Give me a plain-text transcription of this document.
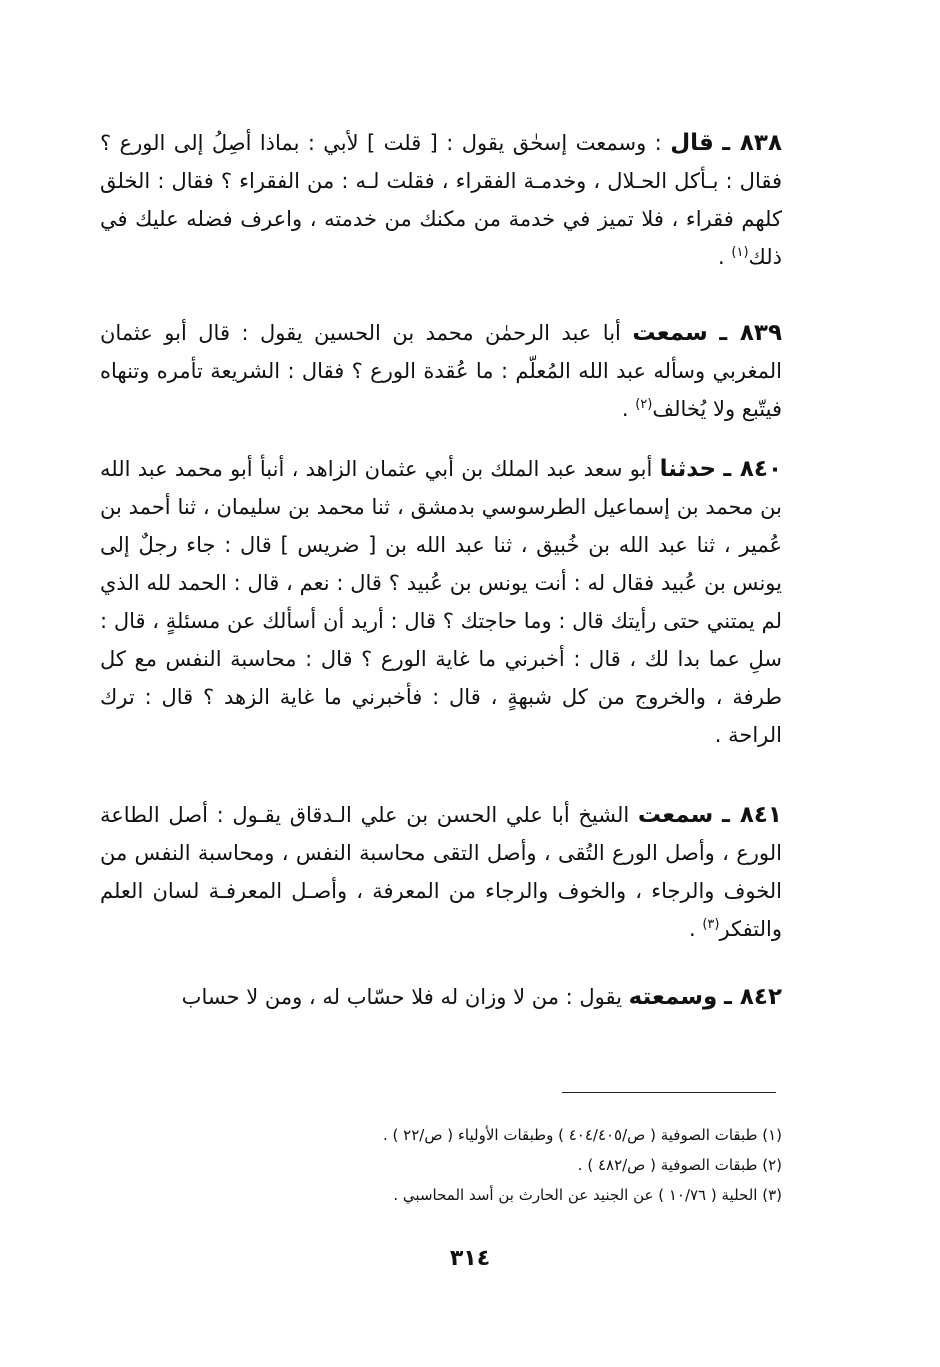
٨٣٨ ـ قال : وسمعت إسحٰق يقول : [ قلت ] لأبي : بماذا أصِلُ إلى الورع ؟ فقال : بـأكل الحـلال ، وخدمـة الفقراء ، فقلت لـه : من الفقراء ؟ فقال : الخلق كلهم فقراء ، فلا تميز في خدمة من مكنك من خدمته ، واعرف فضله عليك في ذلك$^{(١)}$ .
٨٣٩ ـ سمعت أبا عبد الرحمٰن محمد بن الحسين يقول : قال أبو عثمان المغربي وسأله عبد الله المُعلّم : ما عُقدة الورع ؟ فقال : الشريعة تأمره وتنهاه فيتّبع ولا يُخالف$^{(٢)}$ .
٨٤٠ ـ حدثنا أبو سعد عبد الملك بن أبي عثمان الزاهد ، أنبأ أبو محمد عبد الله بن محمد بن إسماعيل الطرسوسي بدمشق ، ثنا محمد بن سليمان ، ثنا أحمد بن عُمير ، ثنا عبد الله بن خُبيق ، ثنا عبد الله بن [ ضريس ] قال : جاء رجلٌ إلى يونس بن عُبيد فقال له : أنت يونس بن عُبيد ؟ قال : نعم ، قال : الحمد لله الذي لم يمتني حتى رأيتك قال : وما حاجتك ؟ قال : أريد أن أسألك عن مسئلةٍ ، قال : سلِ عما بدا لك ، قال : أخبرني ما غاية الورع ؟ قال : محاسبة النفس مع كل طرفة ، والخروج من كل شبهةٍ ، قال : فأخبرني ما غاية الزهد ؟ قال : ترك الراحة .
٨٤١ ـ سمعت الشيخ أبا علي الحسن بن علي الـدقاق يقـول : أصل الطاعة الورع ، وأصل الورع التُقى ، وأصل التقى محاسبة النفس ، ومحاسبة النفس من الخوف والرجاء ، والخوف والرجاء من المعرفة ، وأصـل المعرفـة لسان العلم والتفكر$^{(٣)}$ .
٨٤٢ ـ وسمعته يقول : من لا وزان له فلا حسّاب له ، ومن لا حساب
(١) طبقات الصوفية ( ص/٤٠٤/٤٠٥ ) وطبقات الأولياء ( ص/٢٢ ) .
(٢) طبقات الصوفية ( ص/٤٨٢ ) .
(٣) الحلية ( ١٠/٧٦ ) عن الجنيد عن الحارث بن أسد المحاسبي .
٣١٤
